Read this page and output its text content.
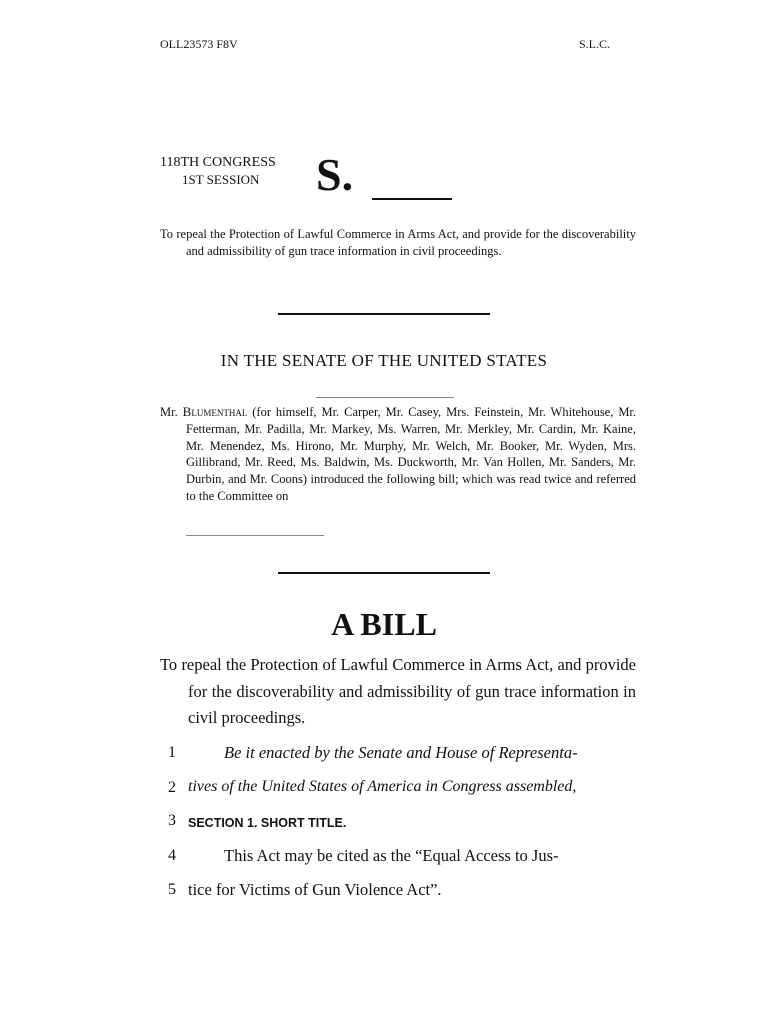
OLL23573 F8V	S.L.C.
118TH CONGRESS
1ST SESSION S.
To repeal the Protection of Lawful Commerce in Arms Act, and provide for the discoverability and admissibility of gun trace information in civil proceedings.
IN THE SENATE OF THE UNITED STATES
Mr. Blumenthal (for himself, Mr. Carper, Mr. Casey, Mrs. Feinstein, Mr. Whitehouse, Mr. Fetterman, Mr. Padilla, Mr. Markey, Ms. Warren, Mr. Merkley, Mr. Cardin, Mr. Kaine, Mr. Menendez, Ms. Hirono, Mr. Murphy, Mr. Welch, Mr. Booker, Mr. Wyden, Mrs. Gillibrand, Mr. Reed, Ms. Baldwin, Ms. Duckworth, Mr. Van Hollen, Mr. Sanders, Mr. Durbin, and Mr. Coons) introduced the following bill; which was read twice and referred to the Committee on
A BILL
To repeal the Protection of Lawful Commerce in Arms Act, and provide for the discoverability and admissibility of gun trace information in civil proceedings.
1	Be it enacted by the Senate and House of Representa-
2 tives of the United States of America in Congress assembled,
3 SECTION 1. SHORT TITLE.
4	This Act may be cited as the “Equal Access to Jus-
5 tice for Victims of Gun Violence Act”.
